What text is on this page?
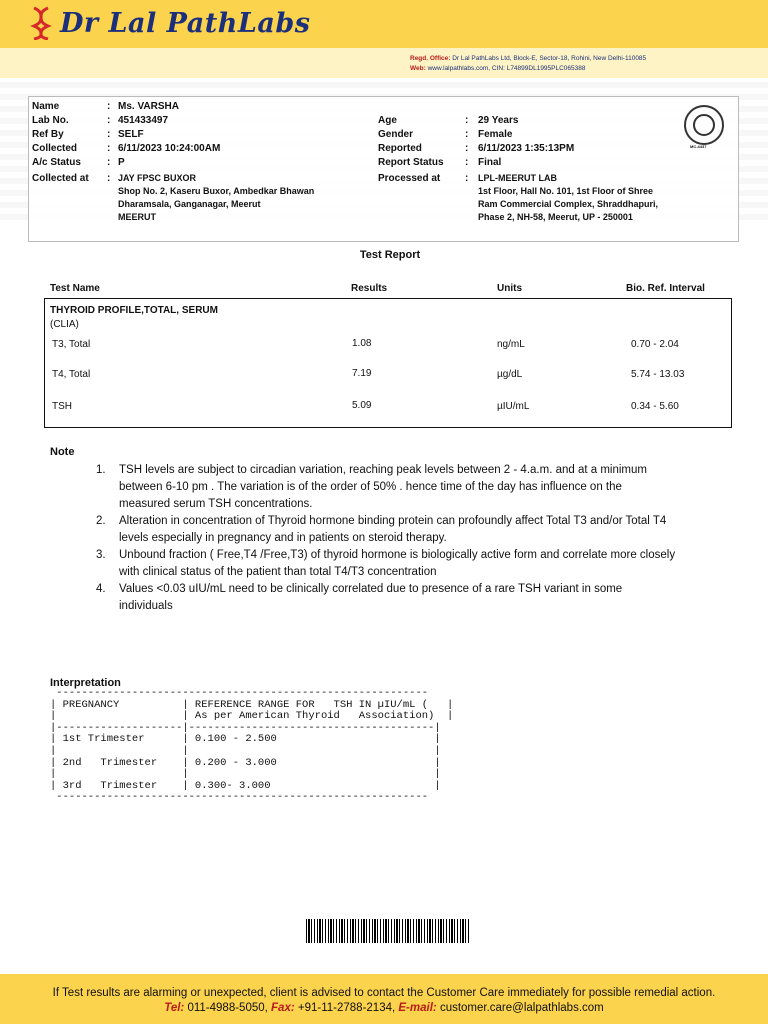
Dr Lal PathLabs
Regd. Office: Dr Lal PathLabs Ltd, Block-E, Sector-18, Rohini, New Delhi-110085
Web: www.lalpathlabs.com, CIN: L74899DL1995PLC065388
Name	: Ms. VARSHA
Lab No.	: 451433497
Ref By	: SELF
Collected	: 6/11/2023 10:24:00AM
A/c Status	: P
Collected at : JAY FPSC BUXOR
Shop No. 2, Kaseru Buxor, Ambedkar Bhawan
Dharamsala, Ganganagar, Meerut
MEERUT
Age	: 29 Years
Gender	: Female
Reported	: 6/11/2023 1:35:13PM
Report Status : Final
Processed at : LPL-MEERUT LAB
1st Floor, Hall No. 101, 1st Floor of Shree
Ram Commercial Complex, Shraddhapuri,
Phase 2, NH-58, Meerut, UP - 250001
MC-4437
Test Report
Test Name	Results	Units	Bio. Ref. Interval
THYROID PROFILE,TOTAL, SERUM
(CLIA)
T3, Total	1.08	ng/mL	0.70 - 2.04
T4, Total	7.19	µg/dL	5.74 - 13.03
TSH	5.09	µIU/mL	0.34 - 5.60
Note
1. TSH levels are subject to circadian variation, reaching peak levels between 2 - 4.a.m. and at a minimum between 6-10 pm . The variation is of the order of 50% . hence time of the day has influence on the measured serum TSH concentrations.
2. Alteration in concentration of Thyroid hormone binding protein can profoundly affect Total T3 and/or Total T4 levels especially in pregnancy and in patients on steroid therapy.
3. Unbound fraction ( Free,T4 /Free,T3) of thyroid hormone is biologically active form and correlate more closely with clinical status of the patient than total T4/T3 concentration
4. Values <0.03 uIU/mL need to be clinically correlated due to presence of a rare TSH variant in some individuals
Interpretation
-----------------------------------------------------------
| PREGNANCY          | REFERENCE RANGE FOR   TSH IN µIU/mL (   |
|                    | As per American Thyroid   Association)  |
|--------------------|---------------------------------------|
| 1st Trimester      | 0.100 - 2.500                         |
|                    |                                       |
| 2nd   Trimester    | 0.200 - 3.000                         |
|                    |                                       |
| 3rd   Trimester    | 0.300- 3.000                          |
-----------------------------------------------------------
If Test results are alarming or unexpected, client is advised to contact the Customer Care immediately for possible remedial action.
Tel: 011-4988-5050, Fax: +91-11-2788-2134, E-mail: customer.care@lalpathlabs.com
